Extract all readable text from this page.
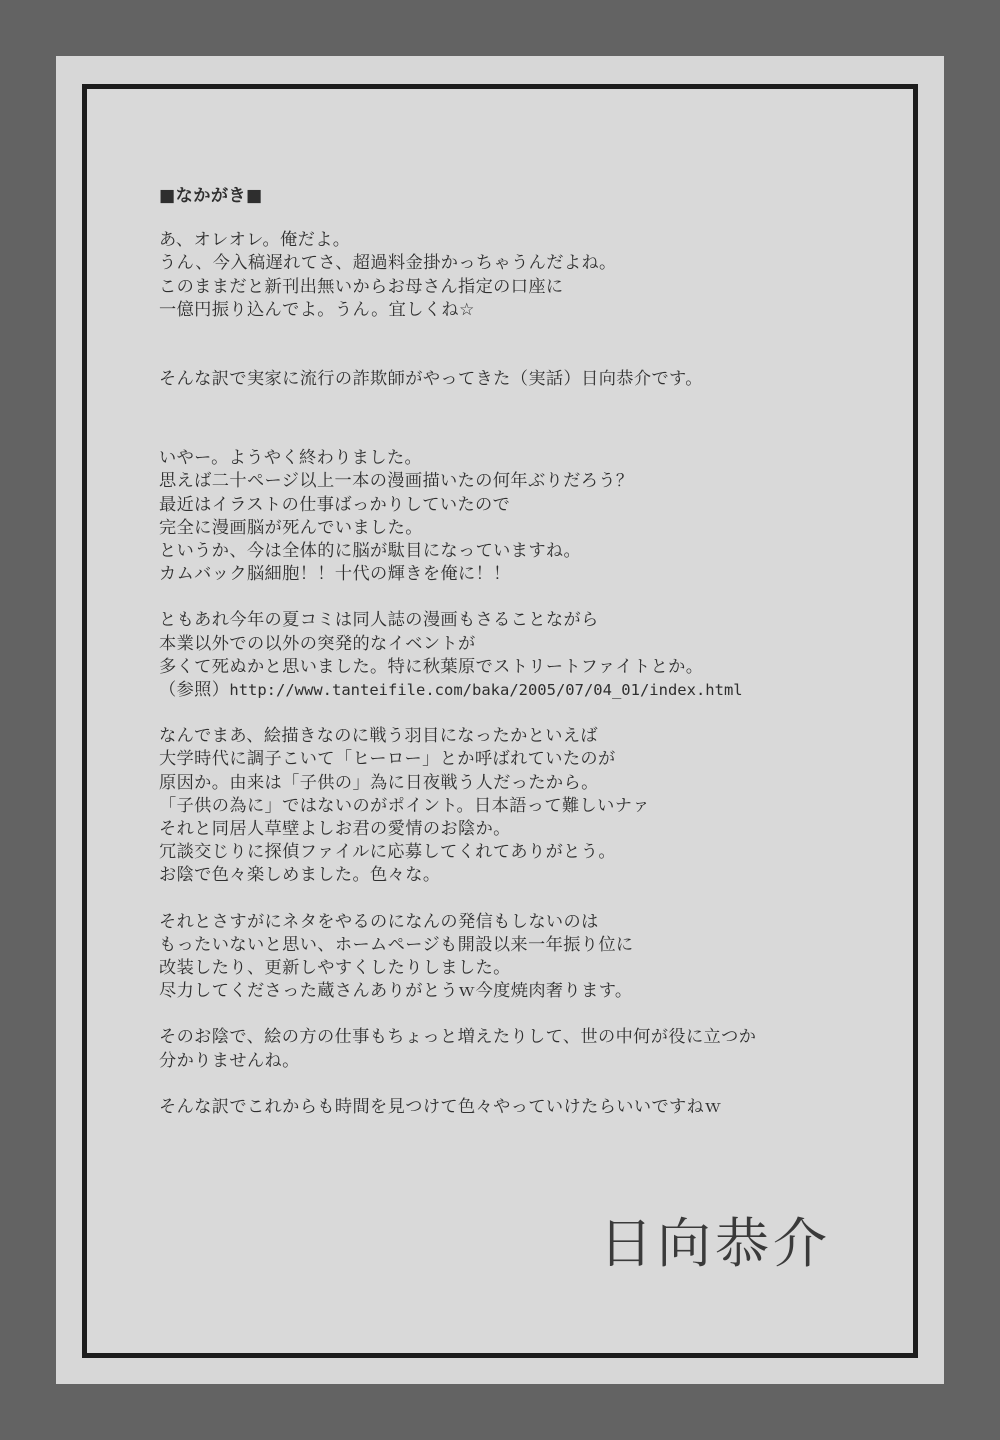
■なかがき■
あ、オレオレ。俺だよ。
うん、今入稿遅れてさ、超過料金掛かっちゃうんだよね。
このままだと新刊出無いからお母さん指定の口座に
一億円振り込んでよ。うん。宜しくね☆
そんな訳で実家に流行の詐欺師がやってきた（実話）日向恭介です。
いやー。ようやく終わりました。
思えば二十ページ以上一本の漫画描いたの何年ぶりだろう？
最近はイラストの仕事ばっかりしていたので
完全に漫画脳が死んでいました。
というか、今は全体的に脳が駄目になっていますね。
カムバック脳細胞！！十代の輝きを俺に！！
ともあれ今年の夏コミは同人誌の漫画もさることながら
本業以外での以外の突発的なイベントが
多くて死ぬかと思いました。特に秋葉原でストリートファイトとか。
（参照）http://www.tanteifile.com/baka/2005/07/04_01/index.html
なんでまあ、絵描きなのに戦う羽目になったかといえば
大学時代に調子こいて「ヒーロー」とか呼ばれていたのが
原因か。由来は「子供の」為に日夜戦う人だったから。
「子供の為に」ではないのがポイント。日本語って難しいナァ
それと同居人草壁よしお君の愛情のお陰か。
冗談交じりに探偵ファイルに応募してくれてありがとう。
お陰で色々楽しめました。色々な。
それとさすがにネタをやるのになんの発信もしないのは
もったいないと思い、ホームページも開設以来一年振り位に
改装したり、更新しやすくしたりしました。
尽力してくださった蔵さんありがとうｗ今度焼肉奢ります。
そのお陰で、絵の方の仕事もちょっと増えたりして、世の中何が役に立つか
分かりませんね。
そんな訳でこれからも時間を見つけて色々やっていけたらいいですねｗ
日向恭介
